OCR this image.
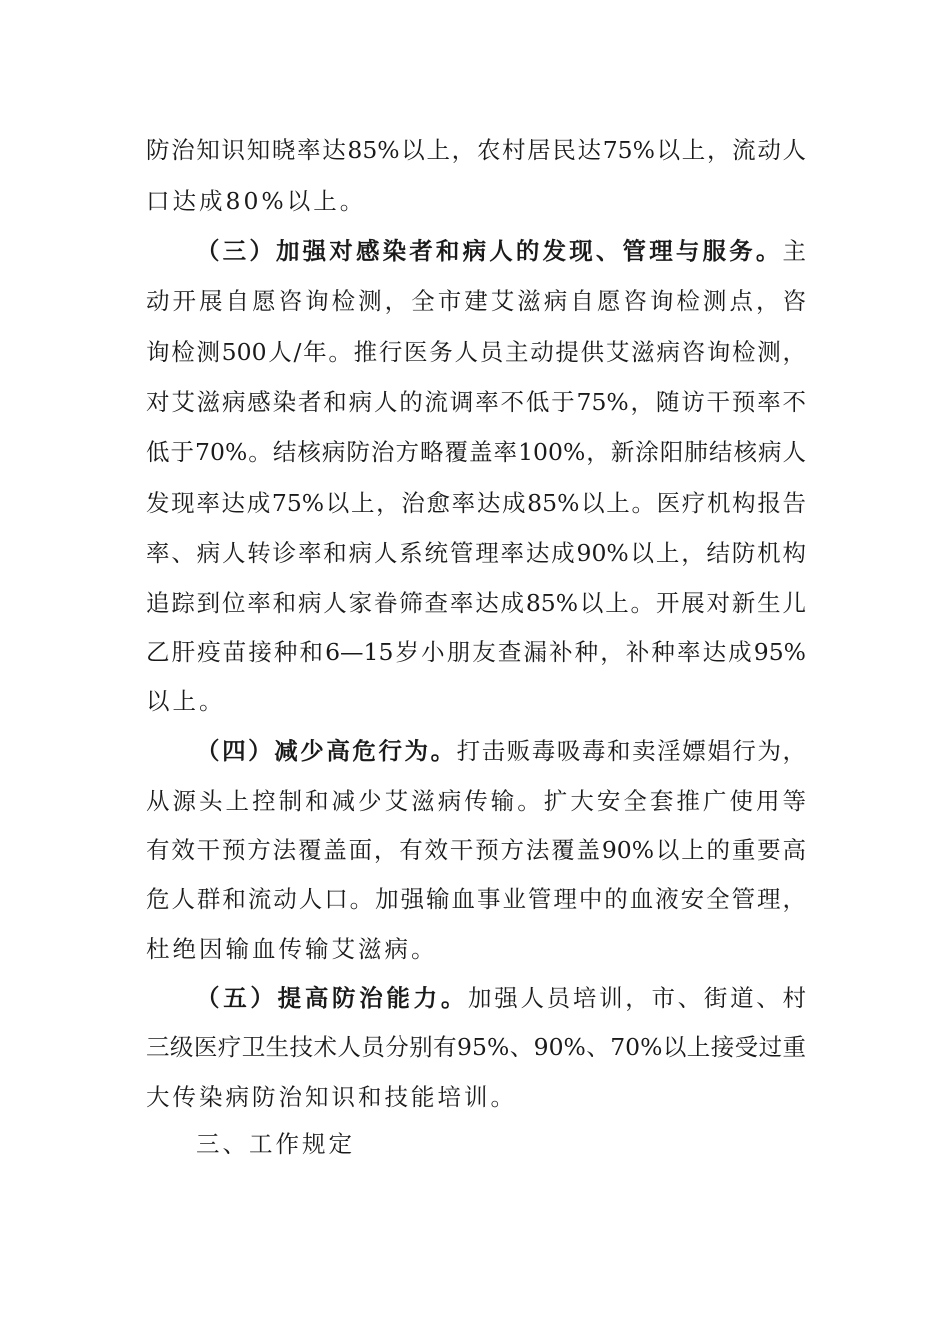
防治知识知晓率达85%以上，农村居民达75%以上，流动人
口达成80%以上。
（三）加强对感染者和病人的发现、管理与服务。主
动开展自愿咨询检测，全市建艾滋病自愿咨询检测点，咨
询检测500人/年。推行医务人员主动提供艾滋病咨询检测，
对艾滋病感染者和病人的流调率不低于75%，随访干预率不
低于70%。结核病防治方略覆盖率100%，新涂阳肺结核病人
发现率达成75%以上，治愈率达成85%以上。医疗机构报告
率、病人转诊率和病人系统管理率达成90%以上，结防机构
追踪到位率和病人家眷筛查率达成85%以上。开展对新生儿
乙肝疫苗接种和6—15岁小朋友查漏补种，补种率达成95%
以上。
（四）减少高危行为。打击贩毒吸毒和卖淫嫖娼行为，
从源头上控制和减少艾滋病传输。扩大安全套推广使用等
有效干预方法覆盖面，有效干预方法覆盖90%以上的重要高
危人群和流动人口。加强输血事业管理中的血液安全管理，
杜绝因输血传输艾滋病。
（五）提高防治能力。加强人员培训，市、街道、村
三级医疗卫生技术人员分别有95%、90%、70%以上接受过重
大传染病防治知识和技能培训。
三、工作规定
